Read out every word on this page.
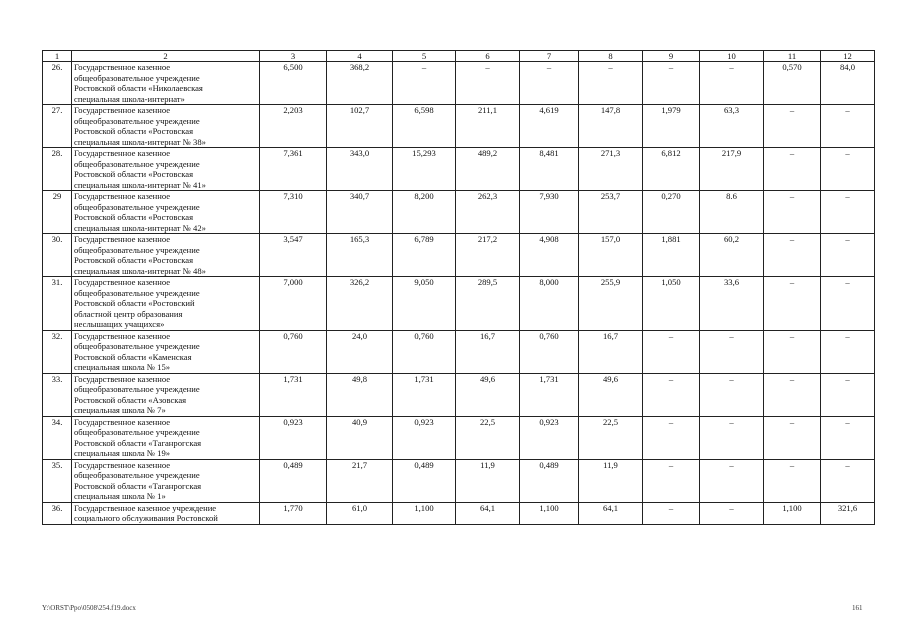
1	2	3	4	5	6	7	8	9	10	11	12
26.	Государственное казенное
общеобразовательное учреждение
Ростовской области «Николаевская
специальная школа-интернат»	6,500	368,2	–	–	–	–	–	–	0,570	84,0
27.	Государственное казенное
общеобразовательное учреждение
Ростовской области «Ростовская
специальная школа-интернат № 38»	2,203	102,7	6,598	211,1	4,619	147,8	1,979	63,3	–	–
28.	Государственное казенное
общеобразовательное учреждение
Ростовской области «Ростовская
специальная школа-интернат № 41»	7,361	343,0	15,293	489,2	8,481	271,3	6,812	217,9	–	–
29	Государственное казенное
общеобразовательное учреждение
Ростовской области «Ростовская
специальная школа-интернат № 42»	7,310	340,7	8,200	262,3	7,930	253,7	0,270	8.6	–	–
30.	Государственное казенное
общеобразовательное учреждение
Ростовской области «Ростовская
специальная школа-интернат № 48»	3,547	165,3	6,789	217,2	4,908	157,0	1,881	60,2	–	–
31.	Государственное казенное
общеобразовательное учреждение
Ростовской области «Ростовский
областной центр образования
неслышащих учащихся»	7,000	326,2	9,050	289,5	8,000	255,9	1,050	33,6	–	–
32.	Государственное казенное
общеобразовательное учреждение
Ростовской области «Каменская
специальная школа № 15»	0,760	24,0	0,760	16,7	0,760	16,7	–	–	–	–
33.	Государственное казенное
общеобразовательное учреждение
Ростовской области «Азовская
специальная школа № 7»	1,731	49,8	1,731	49,6	1,731	49,6	–	–	–	–
34.	Государственное казенное
общеобразовательное учреждение
Ростовской области «Таганрогская
специальная школа № 19»	0,923	40,9	0,923	22,5	0,923	22,5	–	–	–	–
35.	Государственное казенное
общеобразовательное учреждение
Ростовской области «Таганрогская
специальная школа № 1»	0,489	21,7	0,489	11,9	0,489	11,9	–	–	–	–
36.	Государственное казенное учреждение
социального обслуживания Ростовской	1,770	61,0	1,100	64,1	1,100	64,1	–	–	1,100	321,6
Y:\ORST\Ppo\0508\254.f19.docx	161
